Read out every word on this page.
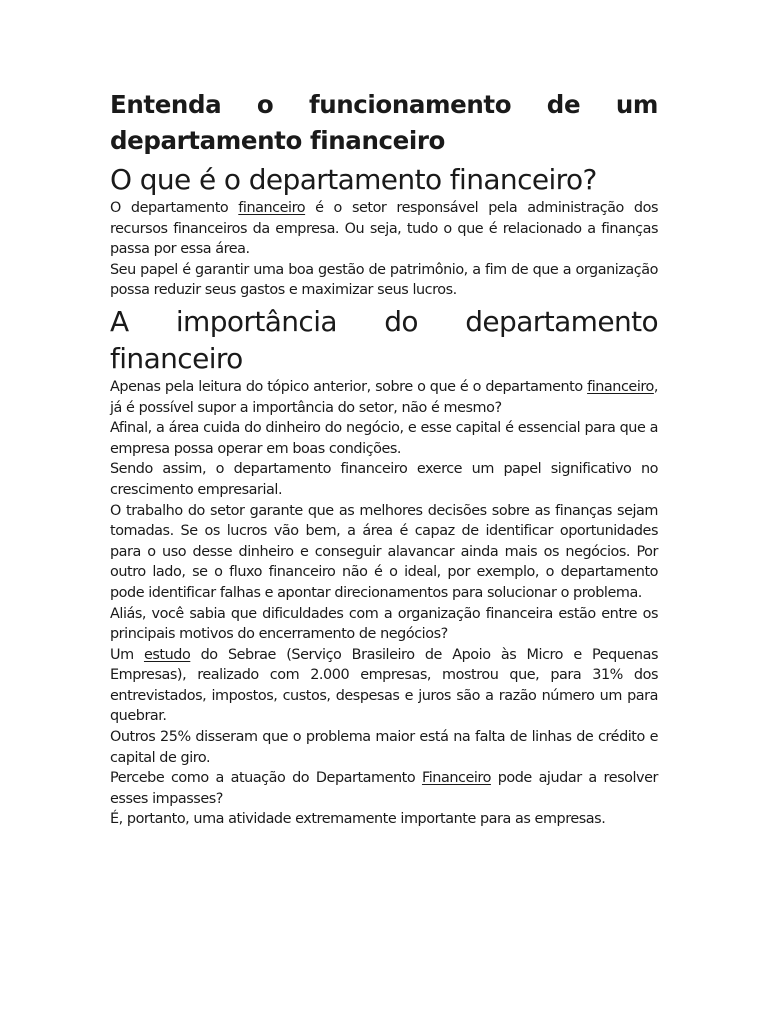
Entenda o funcionamento de um departamento financeiro
O que é o departamento financeiro?

O departamento financeiro é o setor responsável pela administração dos recursos financeiros da empresa. Ou seja, tudo o que é relacionado a finanças passa por essa área.

Seu papel é garantir uma boa gestão de patrimônio, a fim de que a organização possa reduzir seus gastos e maximizar seus lucros.

A importância do departamento financeiro

Apenas pela leitura do tópico anterior, sobre o que é o departamento financeiro, já é possível supor a importância do setor, não é mesmo?

Afinal, a área cuida do dinheiro do negócio, e esse capital é essencial para que a empresa possa operar em boas condições.

Sendo assim, o departamento financeiro exerce um papel significativo no crescimento empresarial.

O trabalho do setor garante que as melhores decisões sobre as finanças sejam tomadas. Se os lucros vão bem, a área é capaz de identificar oportunidades para o uso desse dinheiro e conseguir alavancar ainda mais os negócios. Por outro lado, se o fluxo financeiro não é o ideal, por exemplo, o departamento pode identificar falhas e apontar direcionamentos para solucionar o problema.

Aliás, você sabia que dificuldades com a organização financeira estão entre os principais motivos do encerramento de negócios?

Um estudo do Sebrae (Serviço Brasileiro de Apoio às Micro e Pequenas Empresas), realizado com 2.000 empresas, mostrou que, para 31% dos entrevistados, impostos, custos, despesas e juros são a razão número um para quebrar.

Outros 25% disseram que o problema maior está na falta de linhas de crédito e capital de giro.

Percebe como a atuação do Departamento Financeiro pode ajudar a resolver esses impasses?

É, portanto, uma atividade extremamente importante para as empresas.
